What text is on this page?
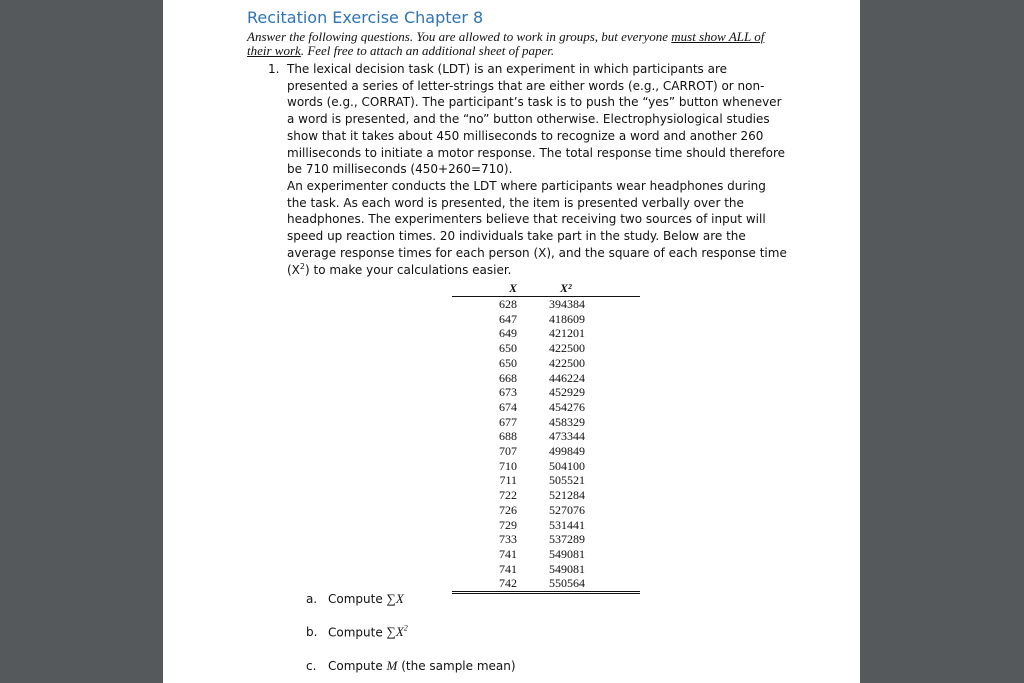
Recitation Exercise Chapter 8
Answer the following questions. You are allowed to work in groups, but everyone must show ALL of their work. Feel free to attach an additional sheet of paper.
1. The lexical decision task (LDT) is an experiment in which participants are presented a series of letter-strings that are either words (e.g., CARROT) or non-words (e.g., CORRAT). The participant’s task is to push the “yes” button whenever a word is presented, and the “no” button otherwise. Electrophysiological studies show that it takes about 450 milliseconds to recognize a word and another 260 milliseconds to initiate a motor response. The total response time should therefore be 710 milliseconds (450+260=710).
An experimenter conducts the LDT where participants wear headphones during the task. As each word is presented, the item is presented verbally over the headphones. The experimenters believe that receiving two sources of input will speed up reaction times. 20 individuals take part in the study. Below are the average response times for each person (X), and the square of each response time $(X^2)$ to make your calculations easier.
X	X²
628	394384
647	418609
649	421201
650	422500
650	422500
668	446224
673	452929
674	454276
677	458329
688	473344
707	499849
710	504100
711	505521
722	521284
726	527076
729	531441
733	537289
741	549081
741	549081
742	550564
a. Compute ∑X
b. Compute $\sum X^2$
c. Compute M (the sample mean)
